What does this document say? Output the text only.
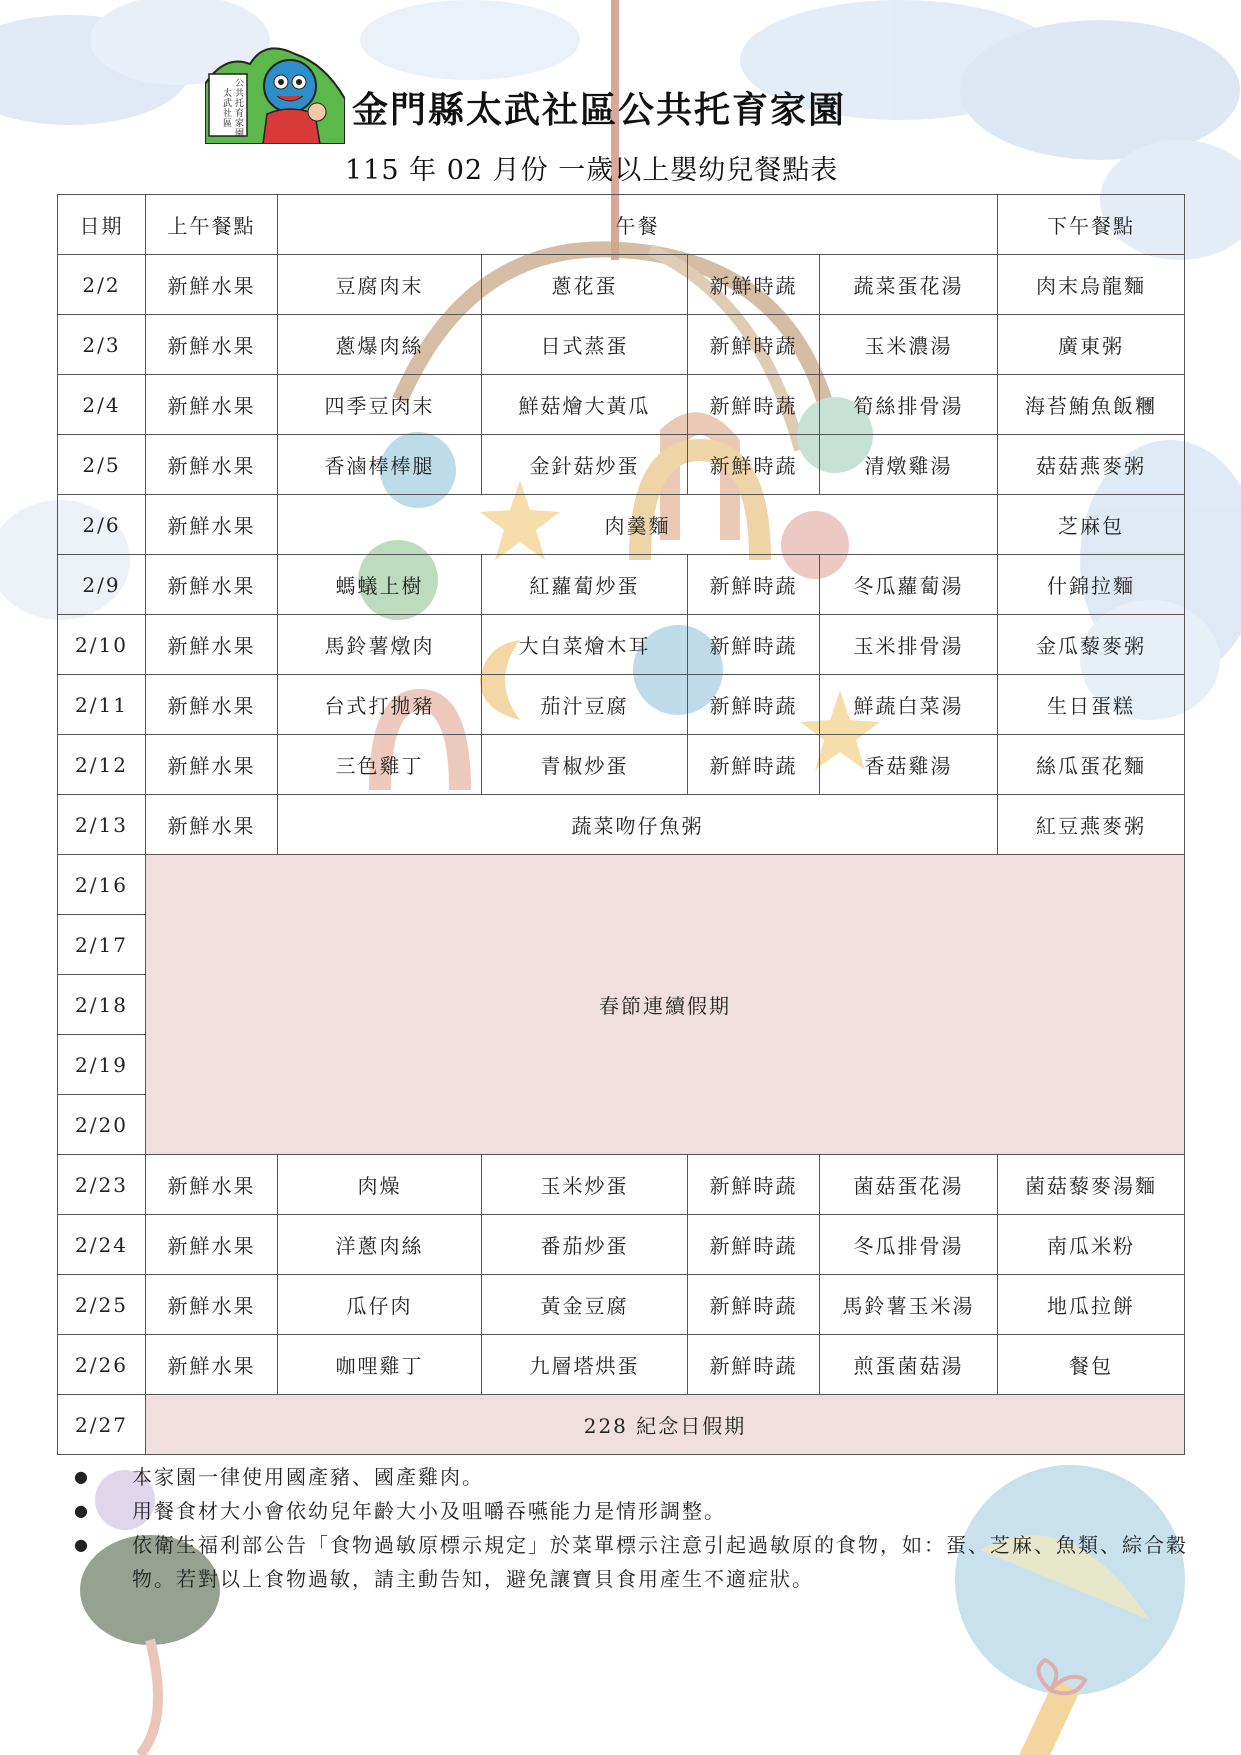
公
共
托
育
家
園
太
武
社
區	金門縣太武社區公共托育家園
115 年 02 月份 一歲以上嬰幼兒餐點表
日期	上午餐點	午餐				下午餐點
2/2	新鮮水果	豆腐肉末	蔥花蛋	新鮮時蔬	蔬菜蛋花湯	肉末烏龍麵
2/3	新鮮水果	蔥爆肉絲	日式蒸蛋	新鮮時蔬	玉米濃湯	廣東粥
2/4	新鮮水果	四季豆肉末	鮮菇燴大黃瓜	新鮮時蔬	筍絲排骨湯	海苔鮪魚飯糰
2/5	新鮮水果	香滷棒棒腿	金針菇炒蛋	新鮮時蔬	清燉雞湯	菇菇燕麥粥
2/6	新鮮水果	肉羹麵				芝麻包
2/9	新鮮水果	螞蟻上樹	紅蘿蔔炒蛋	新鮮時蔬	冬瓜蘿蔔湯	什錦拉麵
2/10	新鮮水果	馬鈴薯燉肉	大白菜燴木耳	新鮮時蔬	玉米排骨湯	金瓜藜麥粥
2/11	新鮮水果	台式打拋豬	茄汁豆腐	新鮮時蔬	鮮蔬白菜湯	生日蛋糕
2/12	新鮮水果	三色雞丁	青椒炒蛋	新鮮時蔬	香菇雞湯	絲瓜蛋花麵
2/13	新鮮水果	蔬菜吻仔魚粥				紅豆燕麥粥
2/16	春節連續假期					
2/17						
2/18						
2/19						
2/20						
2/23	新鮮水果	肉燥	玉米炒蛋	新鮮時蔬	菌菇蛋花湯	菌菇藜麥湯麵
2/24	新鮮水果	洋蔥肉絲	番茄炒蛋	新鮮時蔬	冬瓜排骨湯	南瓜米粉
2/25	新鮮水果	瓜仔肉	黃金豆腐	新鮮時蔬	馬鈴薯玉米湯	地瓜拉餅
2/26	新鮮水果	咖哩雞丁	九層塔烘蛋	新鮮時蔬	煎蛋菌菇湯	餐包
2/27	228 紀念日假期					
●	本家園一律使用國產豬、國產雞肉。
●	用餐食材大小會依幼兒年齡大小及咀嚼吞嚥能力是情形調整。
●	依衛生福利部公告「食物過敏原標示規定」於菜單標示注意引起過敏原的食物，如：蛋、芝麻、魚類、綜合穀物。若對以上食物過敏，請主動告知，避免讓寶貝食用產生不適症狀。
